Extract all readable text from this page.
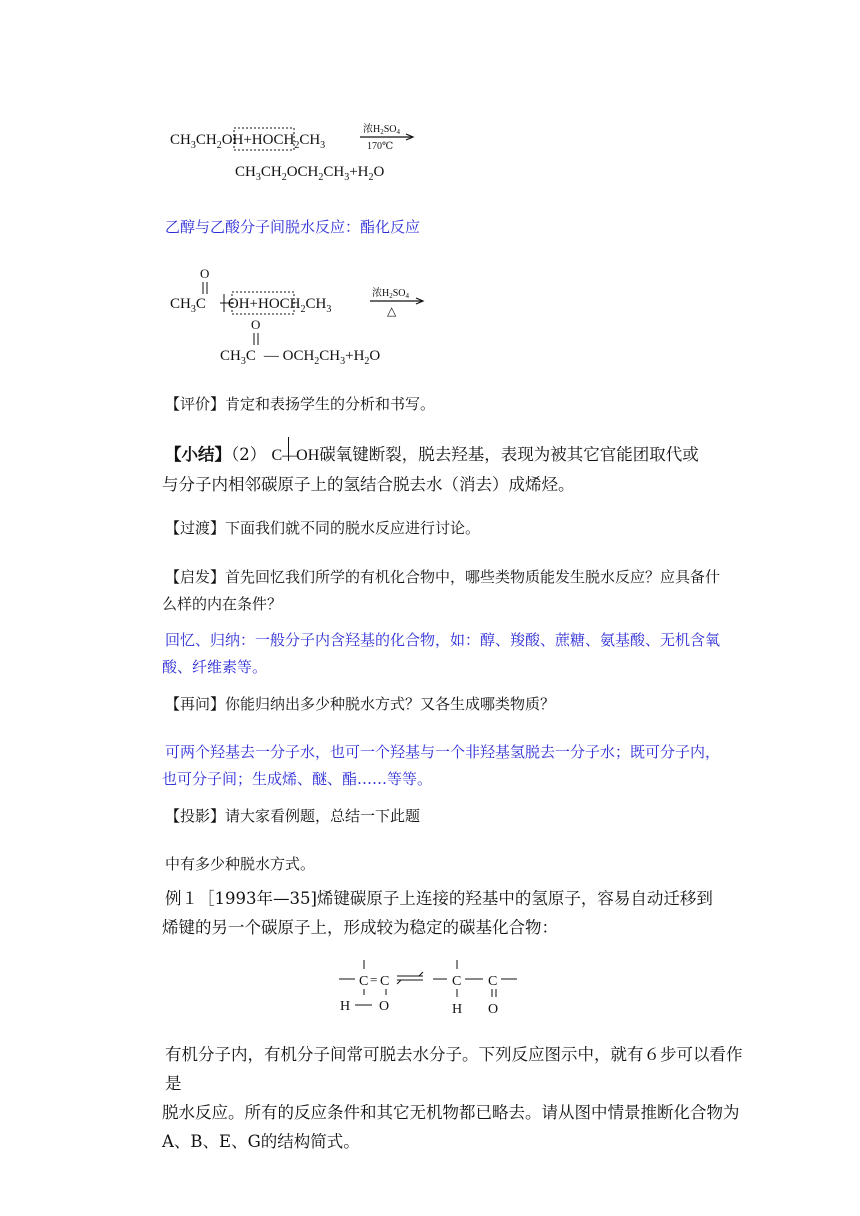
$CH_3CH_2OH+HOCH_2CH_3$
浓$H_2SO_4$
170℃
$CH_3CH_2OCH_2CH_3+H_2O$
乙醇与乙酸分子间脱水反应：酯化反应
O
$CH_3C$ $OH+HOCH_2CH_3$
浓$H_2SO_4$
△
O
$CH_3C$ — $OCH_2CH_3+H_2O$
【评价】肯定和表扬学生的分析和书写。
【小结】（2） C—
OH碳氧键断裂，脱去羟基，表现为被其它官能团取代或
与分子内相邻碳原子上的氢结合脱去水（消去）成烯烃。
【过渡】下面我们就不同的脱水反应进行讨论。
【启发】首先回忆我们所学的有机化合物中，哪些类物质能发生脱水反应？应具备什
么样的内在条件？
回忆、归纳：一般分子内含羟基的化合物，如：醇、羧酸、蔗糖、氨基酸、无机含氧
酸、纤维素等。
【再问】你能归纳出多少种脱水方式？又各生成哪类物质？
可两个羟基去一分子水，也可一个羟基与一个非羟基氢脱去一分子水；既可分子内，
也可分子间；生成烯、醚、酯……等等。
【投影】请大家看例题，总结一下此题
中有多少种脱水方式。
例１［1993年—35]烯键碳原子上连接的羟基中的氢原子，容易自动迁移到
烯键的另一个碳原子上，形成较为稳定的碳基化合物：
C = C
H O
C C
H O
有机分子内，有机分子间常可脱去水分子。下列反应图示中，就有６步可以看作是
脱水反应。所有的反应条件和其它无机物都已略去。请从图中情景推断化合物为
A、B、E、G的结构简式。
